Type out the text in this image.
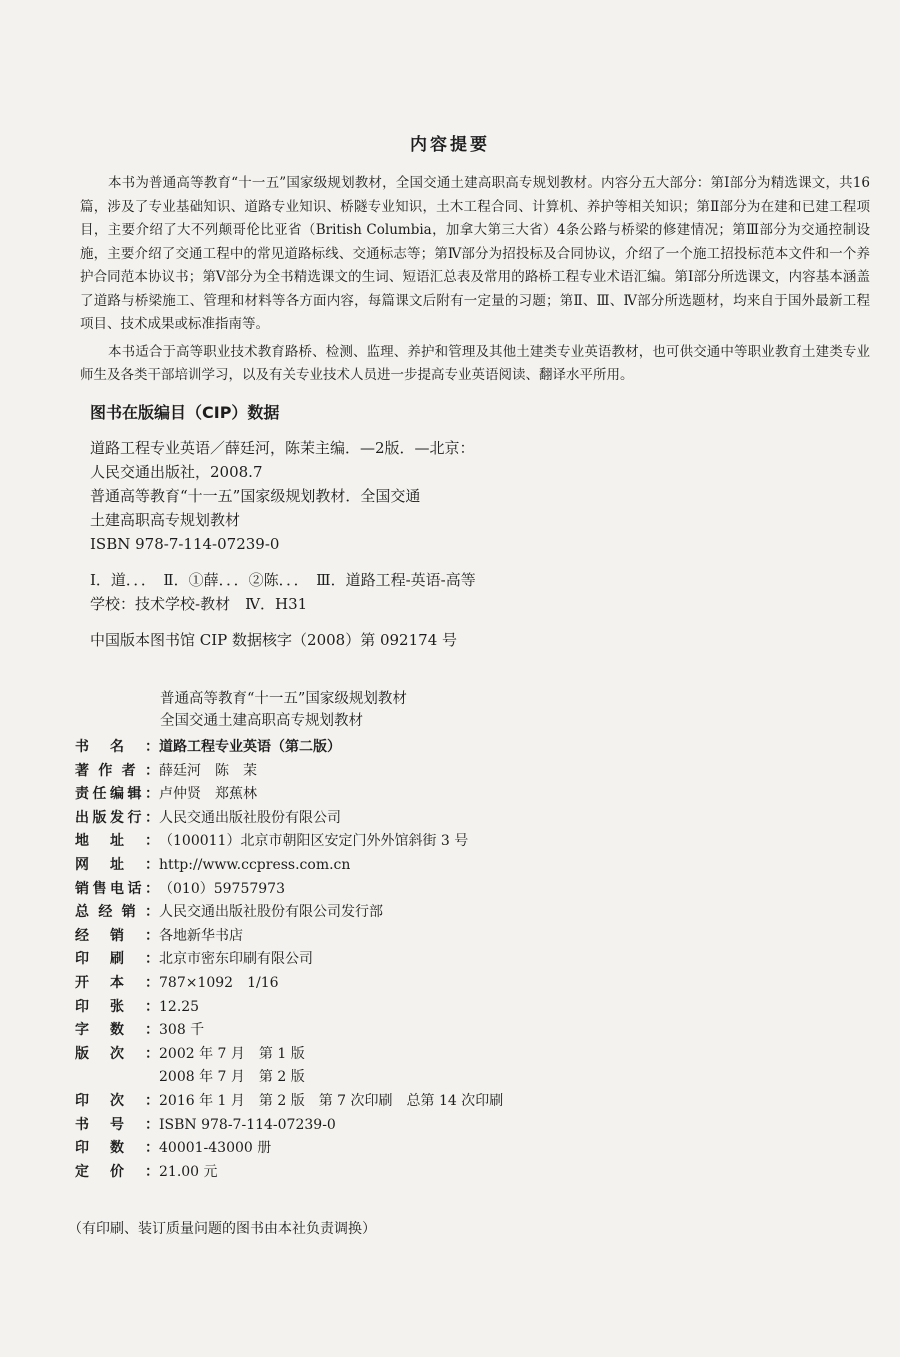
内容提要

本书为普通高等教育“十一五”国家级规划教材，全国交通土建高职高专规划教材。内容分五大部分：第Ⅰ部分为精选课文，共16篇，涉及了专业基础知识、道路专业知识、桥隧专业知识，土木工程合同、计算机、养护等相关知识；第Ⅱ部分为在建和已建工程项目，主要介绍了大不列颠哥伦比亚省（British Columbia，加拿大第三大省）4条公路与桥梁的修建情况；第Ⅲ部分为交通控制设施，主要介绍了交通工程中的常见道路标线、交通标志等；第Ⅳ部分为招投标及合同协议，介绍了一个施工招投标范本文件和一个养护合同范本协议书；第Ⅴ部分为全书精选课文的生词、短语汇总表及常用的路桥工程专业术语汇编。第Ⅰ部分所选课文，内容基本涵盖了道路与桥梁施工、管理和材料等各方面内容，每篇课文后附有一定量的习题；第Ⅱ、Ⅲ、Ⅳ部分所选题材，均来自于国外最新工程项目、技术成果或标准指南等。

本书适合于高等职业技术教育路桥、检测、监理、养护和管理及其他土建类专业英语教材，也可供交通中等职业教育土建类专业师生及各类干部培训学习，以及有关专业技术人员进一步提高专业英语阅读、翻译水平所用。

图书在版编目（CIP）数据
道路工程专业英语／薛廷河，陈茉主编．—2版．—北京：
人民交通出版社，2008.7
普通高等教育“十一五”国家级规划教材．全国交通
土建高职高专规划教材
ISBN 978-7-114-07239-0
Ⅰ．道．．．　Ⅱ．①薛．．．②陈．．．　Ⅲ．道路工程-英语-高等
学校：技术学校-教材　Ⅳ．H31
中国版本图书馆 CIP 数据核字（2008）第 092174 号
普通高等教育“十一五”国家级规划教材
全国交通土建高职高专规划教材
书名： 道路工程专业英语（第二版）
著作者： 薛廷河　陈　茉
责任编辑： 卢仲贤　郑蕉林
出版发行： 人民交通出版社股份有限公司
地址： （100011）北京市朝阳区安定门外外馆斜街 3 号
网址： http://www.ccpress.com.cn
销售电话： （010）59757973
总经销： 人民交通出版社股份有限公司发行部
经销： 各地新华书店
印刷： 北京市密东印刷有限公司
开本： 787×1092　1/16
印张： 12.25
字数： 308 千
版次： 2002 年 7 月　第 1 版
2008 年 7 月　第 2 版
印次： 2016 年 1 月　第 2 版　第 7 次印刷　总第 14 次印刷
书号： ISBN 978-7-114-07239-0
印数： 40001-43000 册
定价： 21.00 元
（有印刷、装订质量问题的图书由本社负责调换）
